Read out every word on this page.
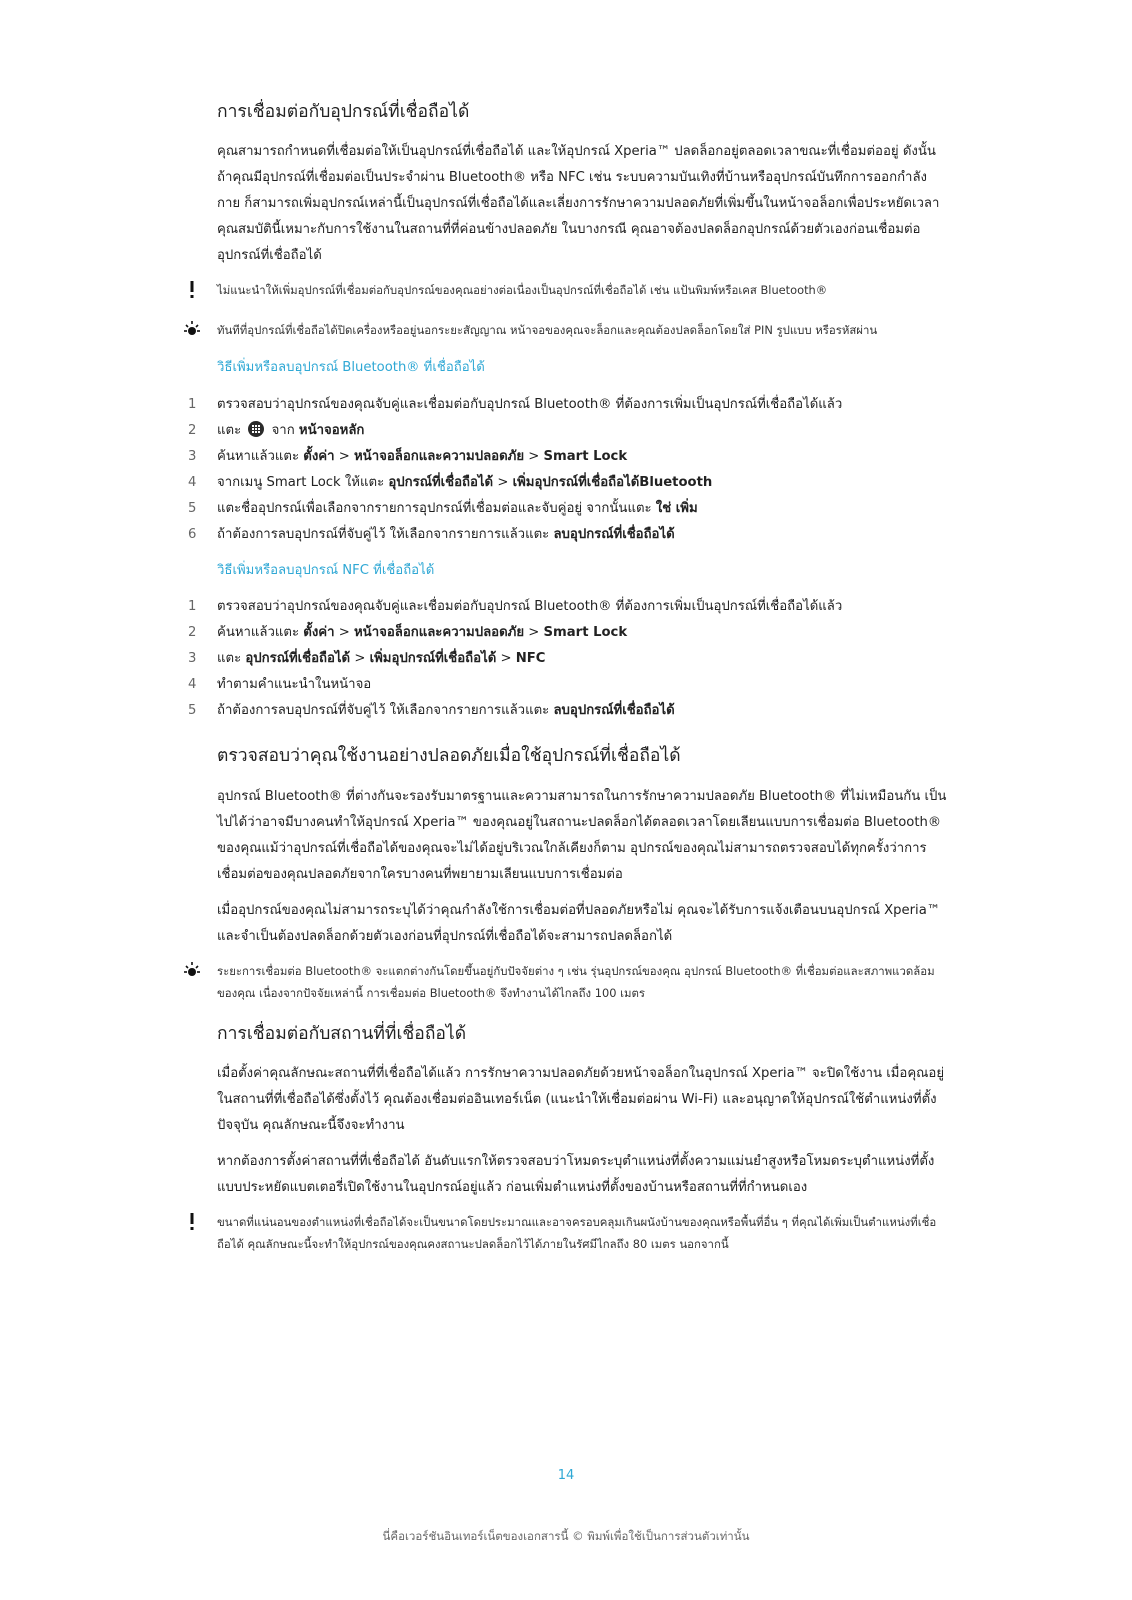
การเชื่อมต่อกับอุปกรณ์ที่เชื่อถือได้

คุณสามารถกำหนดที่เชื่อมต่อให้เป็นอุปกรณ์ที่เชื่อถือได้ และให้อุปกรณ์ Xperia™ ปลดล็อกอยู่ตลอดเวลาขณะที่เชื่อมต่ออยู่ ดังนั้น ถ้าคุณมีอุปกรณ์ที่เชื่อมต่อเป็นประจำผ่าน Bluetooth® หรือ NFC เช่น ระบบความบันเทิงที่บ้านหรืออุปกรณ์บันทึกการออกกำลังกาย ก็สามารถเพิ่มอุปกรณ์เหล่านี้เป็นอุปกรณ์ที่เชื่อถือได้และเลี่ยงการรักษาความปลอดภัยที่เพิ่มขึ้นในหน้าจอล็อกเพื่อประหยัดเวลา คุณสมบัตินี้เหมาะกับการใช้งานในสถานที่ที่ค่อนข้างปลอดภัย ในบางกรณี คุณอาจต้องปลดล็อกอุปกรณ์ด้วยตัวเองก่อนเชื่อมต่ออุปกรณ์ที่เชื่อถือได้

ไม่แนะนำให้เพิ่มอุปกรณ์ที่เชื่อมต่อกับอุปกรณ์ของคุณอย่างต่อเนื่องเป็นอุปกรณ์ที่เชื่อถือได้ เช่น แป้นพิมพ์หรือเคส Bluetooth®
ทันทีที่อุปกรณ์ที่เชื่อถือได้ปิดเครื่องหรืออยู่นอกระยะสัญญาณ หน้าจอของคุณจะล็อกและคุณต้องปลดล็อกโดยใส่ PIN รูปแบบ หรือรหัสผ่าน
วิธีเพิ่มหรือลบอุปกรณ์ Bluetooth® ที่เชื่อถือได้
1	ตรวจสอบว่าอุปกรณ์ของคุณจับคู่และเชื่อมต่อกับอุปกรณ์ Bluetooth® ที่ต้องการเพิ่มเป็นอุปกรณ์ที่เชื่อถือได้แล้ว
2	แตะ จาก หน้าจอหลัก
3	ค้นหาแล้วแตะ ตั้งค่า > หน้าจอล็อกและความปลอดภัย > Smart Lock
4	จากเมนู Smart Lock ให้แตะ อุปกรณ์ที่เชื่อถือได้ > เพิ่มอุปกรณ์ที่เชื่อถือได้Bluetooth
5	แตะชื่ออุปกรณ์เพื่อเลือกจากรายการอุปกรณ์ที่เชื่อมต่อและจับคู่อยู่ จากนั้นแตะ ใช่ เพิ่ม
6	ถ้าต้องการลบอุปกรณ์ที่จับคู่ไว้ ให้เลือกจากรายการแล้วแตะ ลบอุปกรณ์ที่เชื่อถือได้
วิธีเพิ่มหรือลบอุปกรณ์ NFC ที่เชื่อถือได้
1	ตรวจสอบว่าอุปกรณ์ของคุณจับคู่และเชื่อมต่อกับอุปกรณ์ Bluetooth® ที่ต้องการเพิ่มเป็นอุปกรณ์ที่เชื่อถือได้แล้ว
2	ค้นหาแล้วแตะ ตั้งค่า > หน้าจอล็อกและความปลอดภัย > Smart Lock
3	แตะ อุปกรณ์ที่เชื่อถือได้ > เพิ่มอุปกรณ์ที่เชื่อถือได้ > NFC
4	ทำตามคำแนะนำในหน้าจอ
5	ถ้าต้องการลบอุปกรณ์ที่จับคู่ไว้ ให้เลือกจากรายการแล้วแตะ ลบอุปกรณ์ที่เชื่อถือได้
ตรวจสอบว่าคุณใช้งานอย่างปลอดภัยเมื่อใช้อุปกรณ์ที่เชื่อถือได้

อุปกรณ์ Bluetooth® ที่ต่างกันจะรองรับมาตรฐานและความสามารถในการรักษาความปลอดภัย Bluetooth® ที่ไม่เหมือนกัน เป็นไปได้ว่าอาจมีบางคนทำให้อุปกรณ์ Xperia™ ของคุณอยู่ในสถานะปลดล็อกได้ตลอดเวลาโดยเลียนแบบการเชื่อมต่อ Bluetooth® ของคุณแม้ว่าอุปกรณ์ที่เชื่อถือได้ของคุณจะไม่ได้อยู่บริเวณใกล้เคียงก็ตาม อุปกรณ์ของคุณไม่สามารถตรวจสอบได้ทุกครั้งว่าการเชื่อมต่อของคุณปลอดภัยจากใครบางคนที่พยายามเลียนแบบการเชื่อมต่อ

เมื่ออุปกรณ์ของคุณไม่สามารถระบุได้ว่าคุณกำลังใช้การเชื่อมต่อที่ปลอดภัยหรือไม่ คุณจะได้รับการแจ้งเตือนบนอุปกรณ์ Xperia™ และจำเป็นต้องปลดล็อกด้วยตัวเองก่อนที่อุปกรณ์ที่เชื่อถือได้จะสามารถปลดล็อกได้

ระยะการเชื่อมต่อ Bluetooth® จะแตกต่างกันโดยขึ้นอยู่กับปัจจัยต่าง ๆ เช่น รุ่นอุปกรณ์ของคุณ อุปกรณ์ Bluetooth® ที่เชื่อมต่อและสภาพแวดล้อมของคุณ เนื่องจากปัจจัยเหล่านี้ การเชื่อมต่อ Bluetooth® จึงทำงานได้ไกลถึง 100 เมตร
การเชื่อมต่อกับสถานที่ที่เชื่อถือได้

เมื่อตั้งค่าคุณลักษณะสถานที่ที่เชื่อถือได้แล้ว การรักษาความปลอดภัยด้วยหน้าจอล็อกในอุปกรณ์ Xperia™ จะปิดใช้งาน เมื่อคุณอยู่ในสถานที่ที่เชื่อถือได้ซึ่งตั้งไว้ คุณต้องเชื่อมต่ออินเทอร์เน็ต (แนะนำให้เชื่อมต่อผ่าน Wi-Fi) และอนุญาตให้อุปกรณ์ใช้ตำแหน่งที่ตั้งปัจจุบัน คุณลักษณะนี้จึงจะทำงาน

หากต้องการตั้งค่าสถานที่ที่เชื่อถือได้ อันดับแรกให้ตรวจสอบว่าโหมดระบุตำแหน่งที่ตั้งความแม่นยำสูงหรือโหมดระบุตำแหน่งที่ตั้งแบบประหยัดแบตเตอรี่เปิดใช้งานในอุปกรณ์อยู่แล้ว ก่อนเพิ่มตำแหน่งที่ตั้งของบ้านหรือสถานที่ที่กำหนดเอง

ขนาดที่แน่นอนของตำแหน่งที่เชื่อถือได้จะเป็นขนาดโดยประมาณและอาจครอบคลุมเกินผนังบ้านของคุณหรือพื้นที่อื่น ๆ ที่คุณได้เพิ่มเป็นตำแหน่งที่เชื่อถือได้ คุณลักษณะนี้จะทำให้อุปกรณ์ของคุณคงสถานะปลดล็อกไว้ได้ภายในรัศมีไกลถึง 80 เมตร นอกจากนี้
14
นี่คือเวอร์ชันอินเทอร์เน็ตของเอกสารนี้ © พิมพ์เพื่อใช้เป็นการส่วนตัวเท่านั้น
